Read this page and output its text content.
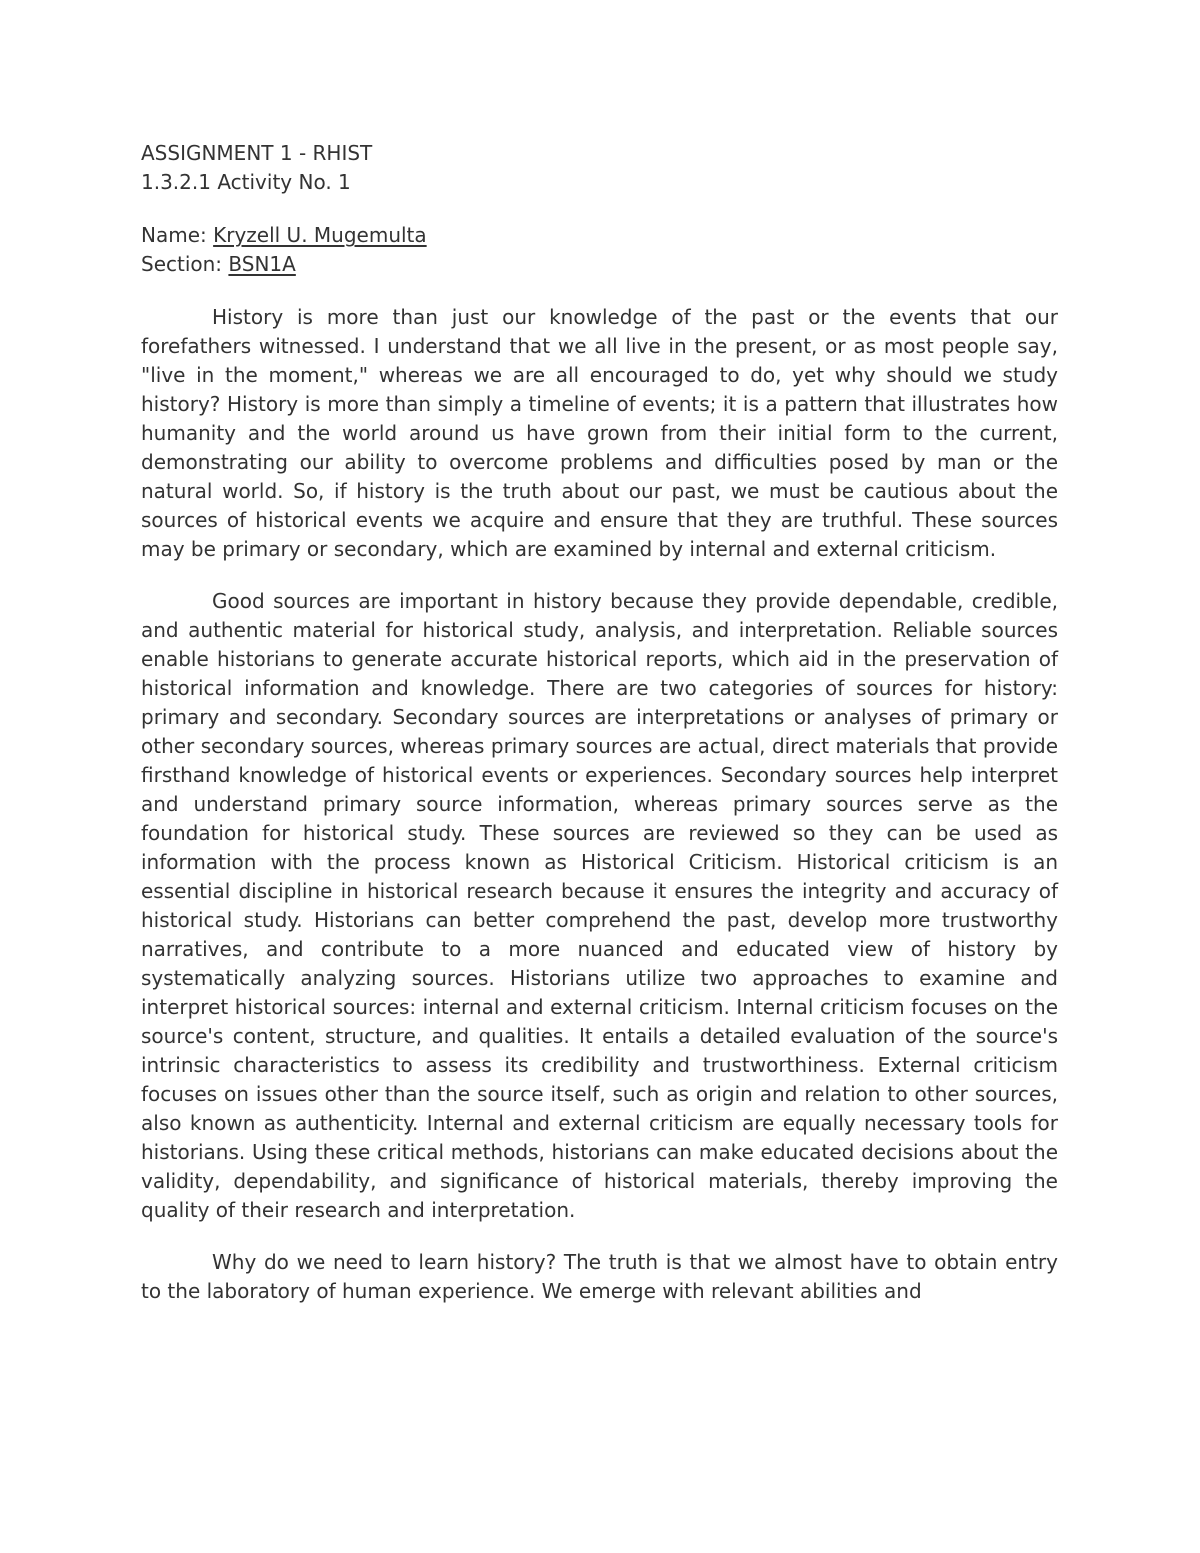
ASSIGNMENT 1 - RHIST

1.3.2.1 Activity No. 1

Name: Kryzell U. Mugemulta

Section: BSN1A

History is more than just our knowledge of the past or the events that our forefathers witnessed. I understand that we all live in the present, or as most people say, "live in the moment," whereas we are all encouraged to do, yet why should we study history? History is more than simply a timeline of events; it is a pattern that illustrates how humanity and the world around us have grown from their initial form to the current, demonstrating our ability to overcome problems and difficulties posed by man or the natural world. So, if history is the truth about our past, we must be cautious about the sources of historical events we acquire and ensure that they are truthful. These sources may be primary or secondary, which are examined by internal and external criticism.

Good sources are important in history because they provide dependable, credible, and authentic material for historical study, analysis, and interpretation. Reliable sources enable historians to generate accurate historical reports, which aid in the preservation of historical information and knowledge. There are two categories of sources for history: primary and secondary. Secondary sources are interpretations or analyses of primary or other secondary sources, whereas primary sources are actual, direct materials that provide firsthand knowledge of historical events or experiences. Secondary sources help interpret and understand primary source information, whereas primary sources serve as the foundation for historical study. These sources are reviewed so they can be used as information with the process known as Historical Criticism. Historical criticism is an essential discipline in historical research because it ensures the integrity and accuracy of historical study. Historians can better comprehend the past, develop more trustworthy narratives, and contribute to a more nuanced and educated view of history by systematically analyzing sources. Historians utilize two approaches to examine and interpret historical sources: internal and external criticism. Internal criticism focuses on the source's content, structure, and qualities. It entails a detailed evaluation of the source's intrinsic characteristics to assess its credibility and trustworthiness. External criticism focuses on issues other than the source itself, such as origin and relation to other sources, also known as authenticity. Internal and external criticism are equally necessary tools for historians. Using these critical methods, historians can make educated decisions about the validity, dependability, and significance of historical materials, thereby improving the quality of their research and interpretation.

Why do we need to learn history? The truth is that we almost have to obtain entry to the laboratory of human experience. We emerge with relevant abilities and
